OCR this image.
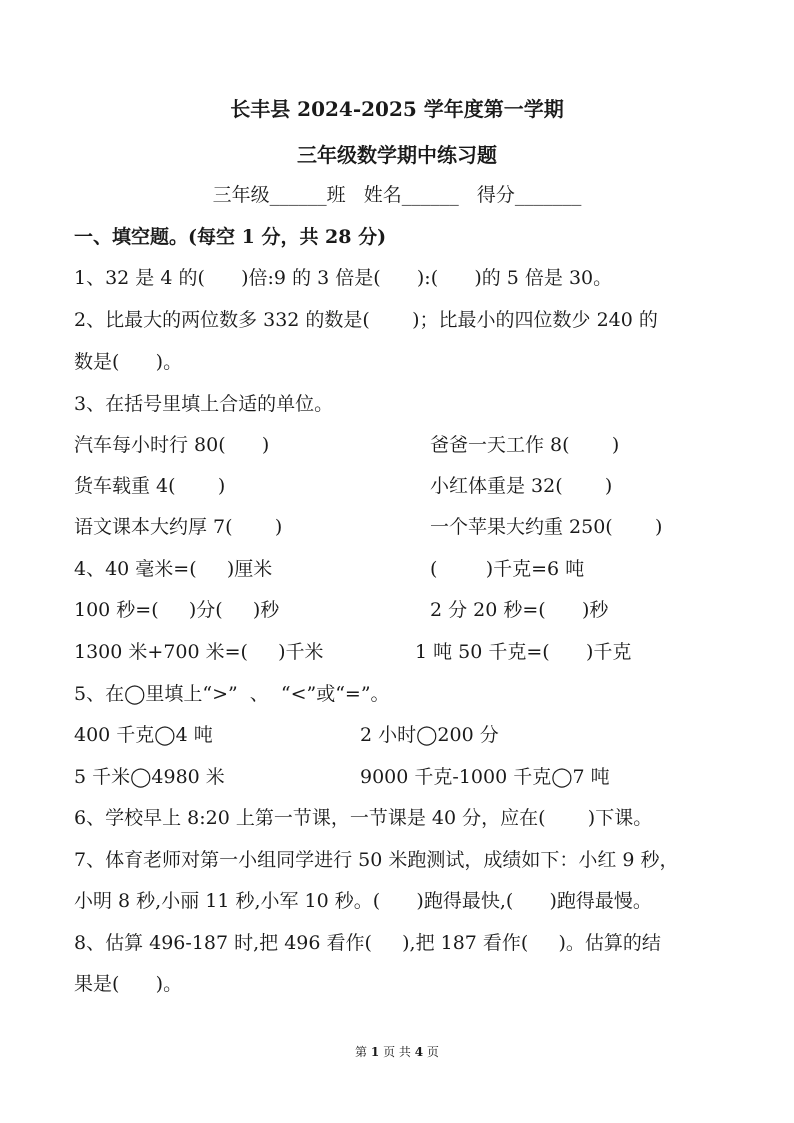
长丰县 2024-2025 学年度第一学期
三年级数学期中练习题
三年级______班   姓名______   得分_______
一、填空题。(每空 1 分，共 28 分)
1、32 是 4 的(      )倍:9 的 3 倍是(      ):(      )的 5 倍是 30。
2、比最大的两位数多 332 的数是(       )；比最小的四位数少 240 的
数是(      )。
3、在括号里填上合适的单位。
汽车每小时行 80(      )	爸爸一天工作 8(       )
货车载重 4(       )	小红体重是 32(       )
语文课本大约厚 7(       )	一个苹果大约重 250(       )
4、40 毫米=(     )厘米	(        )千克=6 吨
100 秒=(     )分(     )秒	2 分 20 秒=(      )秒
1300 米+700 米=(     )千米	1 吨 50 千克=(      )千克
5、在◯里填上“>”  、  “<”或“=”。
400 千克◯4 吨	2 小时◯200 分
5 千米◯4980 米	9000 千克-1000 千克◯7 吨
6、学校早上 8:20 上第一节课，一节课是 40 分，应在(       )下课。
7、体育老师对第一小组同学进行 50 米跑测试，成绩如下：小红 9 秒，
小明 8 秒,小丽 11 秒,小军 10 秒。(      )跑得最快,(      )跑得最慢。
8、估算 496-187 时,把 496 看作(     ),把 187 看作(     )。估算的结
果是(      )。
第 1 页 共 4 页
